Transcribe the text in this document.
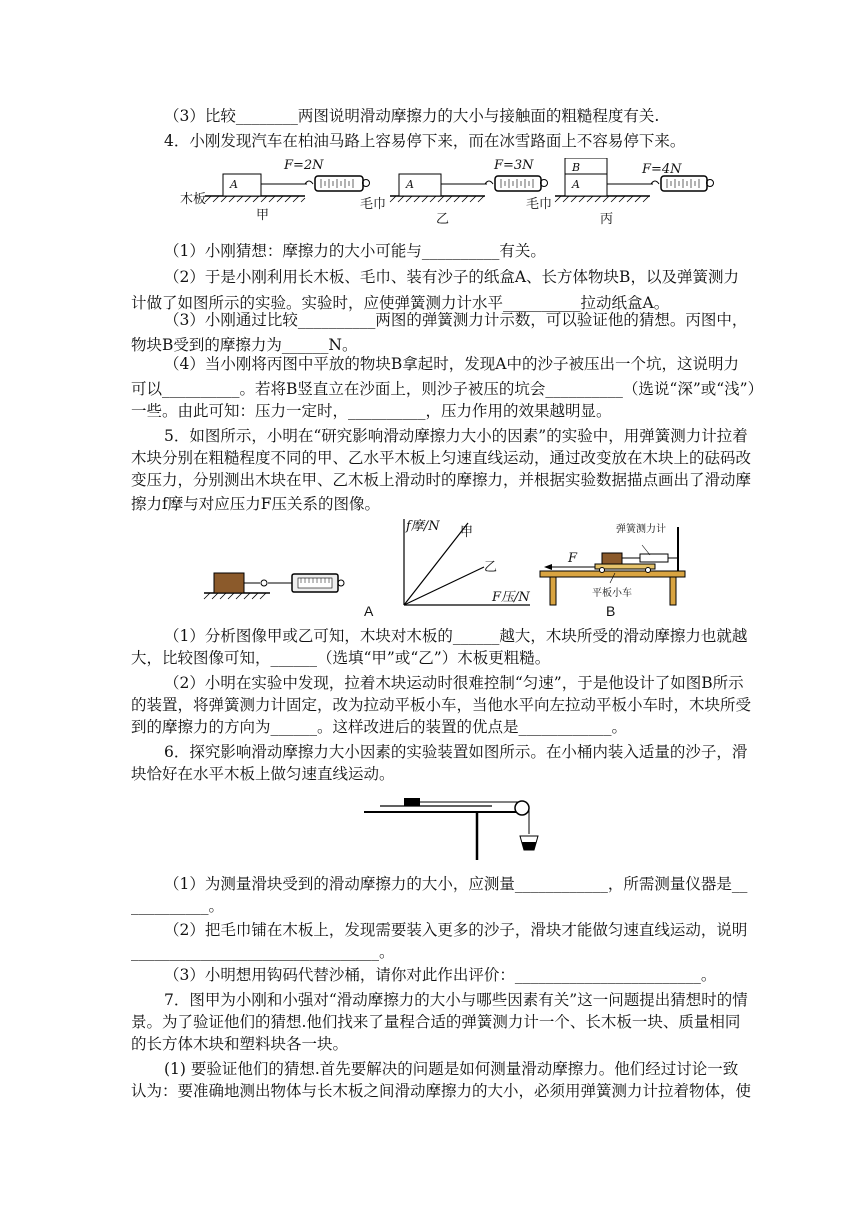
（3）比较________两图说明滑动摩擦力的大小与接触面的粗糙程度有关.
4．小刚发现汽车在柏油马路上容易停下来，而在冰雪路面上不容易停下来。
F=2N	F=3N	F=4N
A	A	A
B
木板	毛巾	毛巾
甲	乙	丙
（1）小刚猜想：摩擦力的大小可能与__________有关。
（2）于是小刚利用长木板、毛巾、装有沙子的纸盒A、长方体物块B，以及弹簧测力
计做了如图所示的实验。实验时，应使弹簧测力计水平__________拉动纸盒A。
（3）小刚通过比较__________两图的弹簧测力计示数，可以验证他的猜想。丙图中，
物块B受到的摩擦力为______N。
（4）当小刚将丙图中平放的物块B拿起时，发现A中的沙子被压出一个坑，这说明力
可以__________。若将B竖直立在沙面上，则沙子被压的坑会__________（选说“深”或“浅”）
一些。由此可知：压力一定时，__________，压力作用的效果越明显。
5．如图所示，小明在“研究影响滑动摩擦力大小的因素”的实验中，用弹簧测力计拉着
木块分别在粗糙程度不同的甲、乙水平木板上匀速直线运动，通过改变放在木块上的砝码改
变压力，分别测出木块在甲、乙木板上滑动时的摩擦力，并根据实验数据描点画出了滑动摩
擦力f摩与对应压力F压关系的图像。
f摩/N
F压/N
甲
乙
A	B
弹簧测力计
F
平板小车
（1）分析图像甲或乙可知，木块对木板的______越大，木块所受的滑动摩擦力也就越
大，比较图像可知，______（选填“甲”或“乙”）木板更粗糙。
（2）小明在实验中发现，拉着木块运动时很难控制“匀速”，于是他设计了如图B所示
的装置，将弹簧测力计固定，改为拉动平板小车，当他水平向左拉动平板小车时，木块所受
到的摩擦力的方向为______。这样改进后的装置的优点是____________。
6．探究影响滑动摩擦力大小因素的实验装置如图所示。在小桶内装入适量的沙子，滑
块恰好在水平木板上做匀速直线运动。
（1）为测量滑块受到的滑动摩擦力的大小，应测量____________，所需测量仪器是__
__________。
（2）把毛巾铺在木板上，发现需要装入更多的沙子，滑块才能做匀速直线运动，说明
________________________________。
（3）小明想用钩码代替沙桶，请你对此作出评价：________________________。
7．图甲为小刚和小强对“滑动摩擦力的大小与哪些因素有关”这一问题提出猜想时的情
景。为了验证他们的猜想.他们找来了量程合适的弹簧测力计一个、长木板一块、质量相同
的长方体木块和塑料块各一块。
(1) 要验证他们的猜想.首先要解决的问题是如何测量滑动摩擦力。他们经过讨论一致
认为：要准确地测出物体与长木板之间滑动摩擦力的大小，必须用弹簧测力计拉着物体，使
